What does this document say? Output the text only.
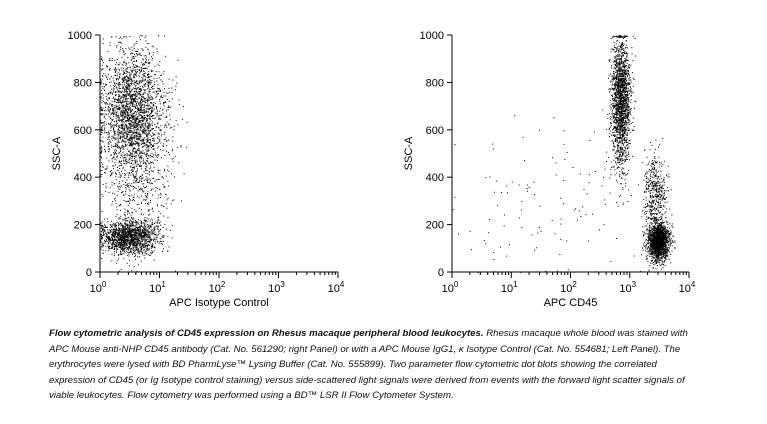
0
200
400
600
800
1000
$10^0$	$10^1$	$10^2$	$10^3$	$10^4$
APC Isotype Control
SSC-A
0
200
400
600
800
1000
$10^0$	$10^1$	$10^2$	$10^3$	$10^4$
APC CD45
SSC-A
Flow cytometric analysis of CD45 expression on Rhesus macaque peripheral blood leukocytes. Rhesus macaque whole blood was stained with APC Mouse anti-NHP CD45 antibody (Cat. No. 561290; right Panel) or with a APC Mouse IgG1, κ Isotype Control (Cat. No. 554681; Left Panel). The erythrocytes were lysed with BD PharmLyse™ Lysing Buffer (Cat. No. 555899). Two parameter flow cytometric dot blots showing the correlated expression of CD45 (or Ig Isotype control staining) versus side-scattered light signals were derived from events with the forward light scatter signals of viable leukocytes. Flow cytometry was performed using a BD™ LSR II Flow Cytometer System.
